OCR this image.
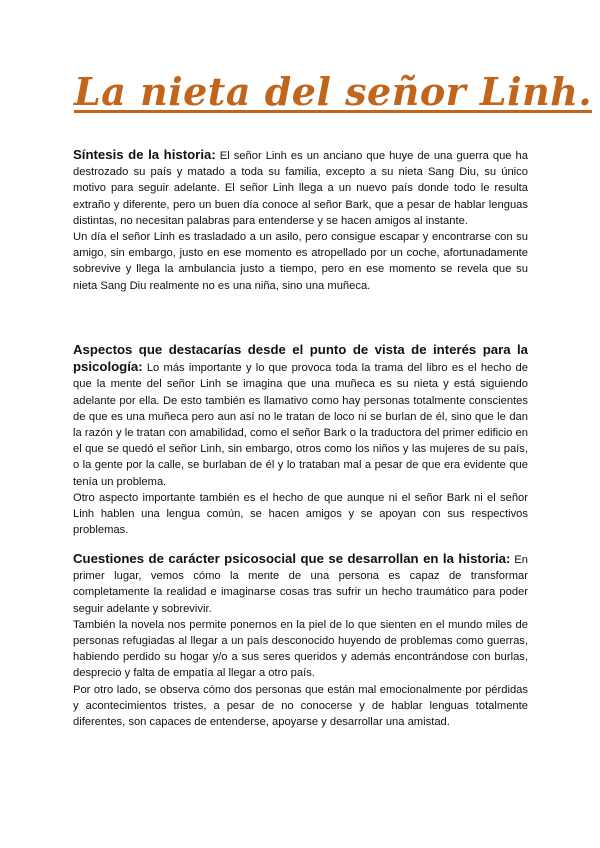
La nieta del señor Linh.

Síntesis de la historia: El señor Linh es un anciano que huye de una guerra que ha destrozado su país y matado a toda su familia, excepto a su nieta Sang Diu, su único motivo para seguir adelante. El señor Linh llega a un nuevo país donde todo le resulta extraño y diferente, pero un buen día conoce al señor Bark, que a pesar de hablar lenguas distintas, no necesitan palabras para entenderse y se hacen amigos al instante.

Un día el señor Linh es trasladado a un asilo, pero consigue escapar y encontrarse con su amigo, sin embargo, justo en ese momento es atropellado por un coche, afortunadamente sobrevive y llega la ambulancia justo a tiempo, pero en ese momento se revela que su nieta Sang Diu realmente no es una niña, sino una muñeca.

Aspectos que destacarías desde el punto de vista de interés para la psicología: Lo más importante y lo que provoca toda la trama del libro es el hecho de que la mente del señor Linh se imagina que una muñeca es su nieta y está siguiendo adelante por ella. De esto también es llamativo como hay personas totalmente conscientes de que es una muñeca pero aun así no le tratan de loco ni se burlan de él, sino que le dan la razón y le tratan con amabilidad, como el señor Bark o la traductora del primer edificio en el que se quedó el señor Linh, sin embargo, otros como los niños y las mujeres de su país, o la gente por la calle, se burlaban de él y lo trataban mal a pesar de que era evidente que tenía un problema.

Otro aspecto importante también es el hecho de que aunque ni el señor Bark ni el señor Linh hablen una lengua común, se hacen amigos y se apoyan con sus respectivos problemas.

Cuestiones de carácter psicosocial que se desarrollan en la historia: En primer lugar, vemos cómo la mente de una persona es capaz de transformar completamente la realidad e imaginarse cosas tras sufrir un hecho traumático para poder seguir adelante y sobrevivir.

También la novela nos permite ponernos en la piel de lo que sienten en el mundo miles de personas refugiadas al llegar a un país desconocido huyendo de problemas como guerras, habiendo perdido su hogar y/o a sus seres queridos y además encontrándose con burlas, desprecio y falta de empatía al llegar a otro país.

Por otro lado, se observa cómo dos personas que están mal emocionalmente por pérdidas y acontecimientos tristes, a pesar de no conocerse y de hablar lenguas totalmente diferentes, son capaces de entenderse, apoyarse y desarrollar una amistad.
